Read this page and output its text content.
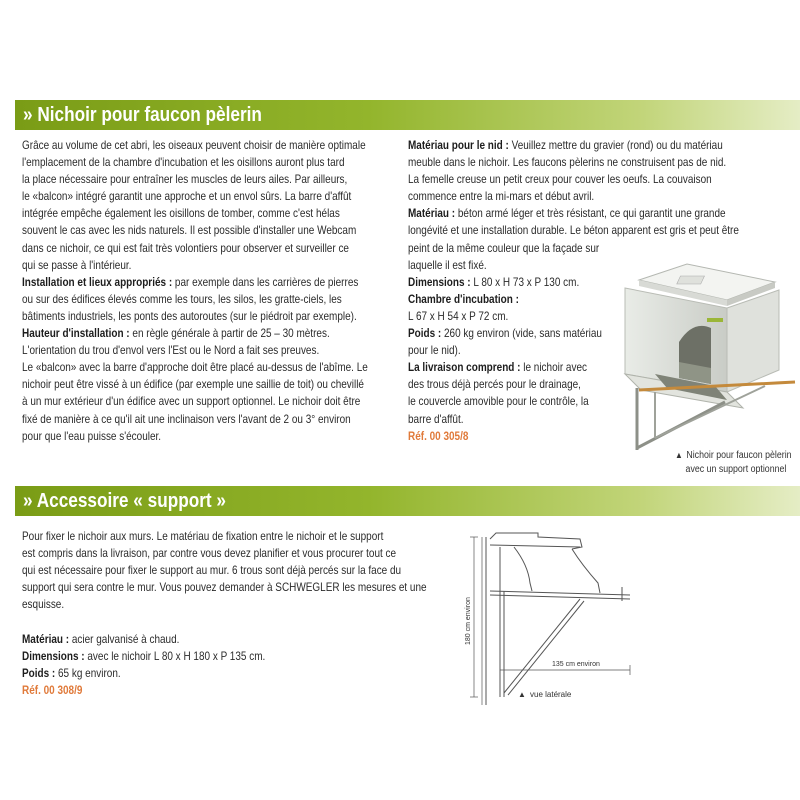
» Nichoir pour faucon pèlerin
Grâce au volume de cet abri, les oiseaux peuvent choisir de manière optimale
l'emplacement de la chambre d'incubation et les oisillons auront plus tard
la place nécessaire pour entraîner les muscles de leurs ailes. Par ailleurs,
le «balcon» intégré garantit une approche et un envol sûrs. La barre d'affût
intégrée empêche également les oisillons de tomber, comme c'est hélas
souvent le cas avec les nids naturels. Il est possible d'installer une Webcam
dans ce nichoir, ce qui est fait très volontiers pour observer et surveiller ce
qui se passe à l'intérieur.
Installation et lieux appropriés : par exemple dans les carrières de pierres
ou sur des édifices élevés comme les tours, les silos, les gratte-ciels, les
bâtiments industriels, les ponts des autoroutes (sur le piédroit par exemple).
Hauteur d'installation : en règle générale à partir de 25 – 30 mètres.
L'orientation du trou d'envol vers l'Est ou le Nord a fait ses preuves.
Le «balcon» avec la barre d'approche doit être placé au-dessus de l'abîme. Le
nichoir peut être vissé à un édifice (par exemple une saillie de toit) ou chevillé
à un mur extérieur d'un édifice avec un support optionnel. Le nichoir doit être
fixé de manière à ce qu'il ait une inclinaison vers l'avant de 2 ou 3° environ
pour que l'eau puisse s'écouler.
Matériau pour le nid : Veuillez mettre du gravier (rond) ou du matériau
meuble dans le nichoir. Les faucons pèlerins ne construisent pas de nid.
La femelle creuse un petit creux pour couver les oeufs. La couvaison
commence entre la mi-mars et début avril.
Matériau : béton armé léger et très résistant, ce qui garantit une grande
longévité et une installation durable. Le béton apparent est gris et peut être
peint de la même couleur que la façade sur
laquelle il est fixé.
Dimensions : L 80 x H 73 x P 130 cm.
Chambre d'incubation :
L 67 x H 54 x P 72 cm.
Poids : 260 kg environ (vide, sans matériau
pour le nid).
La livraison comprend : le nichoir avec
des trous déjà percés pour le drainage,
le couvercle amovible pour le contrôle, la
barre d'affût.
Réf. 00 305/8
▲ Nichoir pour faucon pèlerin
avec un support optionnel
» Accessoire « support »
Pour fixer le nichoir aux murs. Le matériau de fixation entre le nichoir et le support
est compris dans la livraison, par contre vous devez planifier et vous procurer tout ce
qui est nécessaire pour fixer le support au mur. 6 trous sont déjà percés sur la face du
support qui sera contre le mur. Vous pouvez demander à SCHWEGLER les mesures et une
esquisse.
Matériau : acier galvanisé à chaud.
Dimensions : avec le nichoir L 80 x H 180 x P 135 cm.
Poids : 65 kg environ.
Réf. 00 308/9
180 cm environ
135 cm environ
▲ vue latérale
